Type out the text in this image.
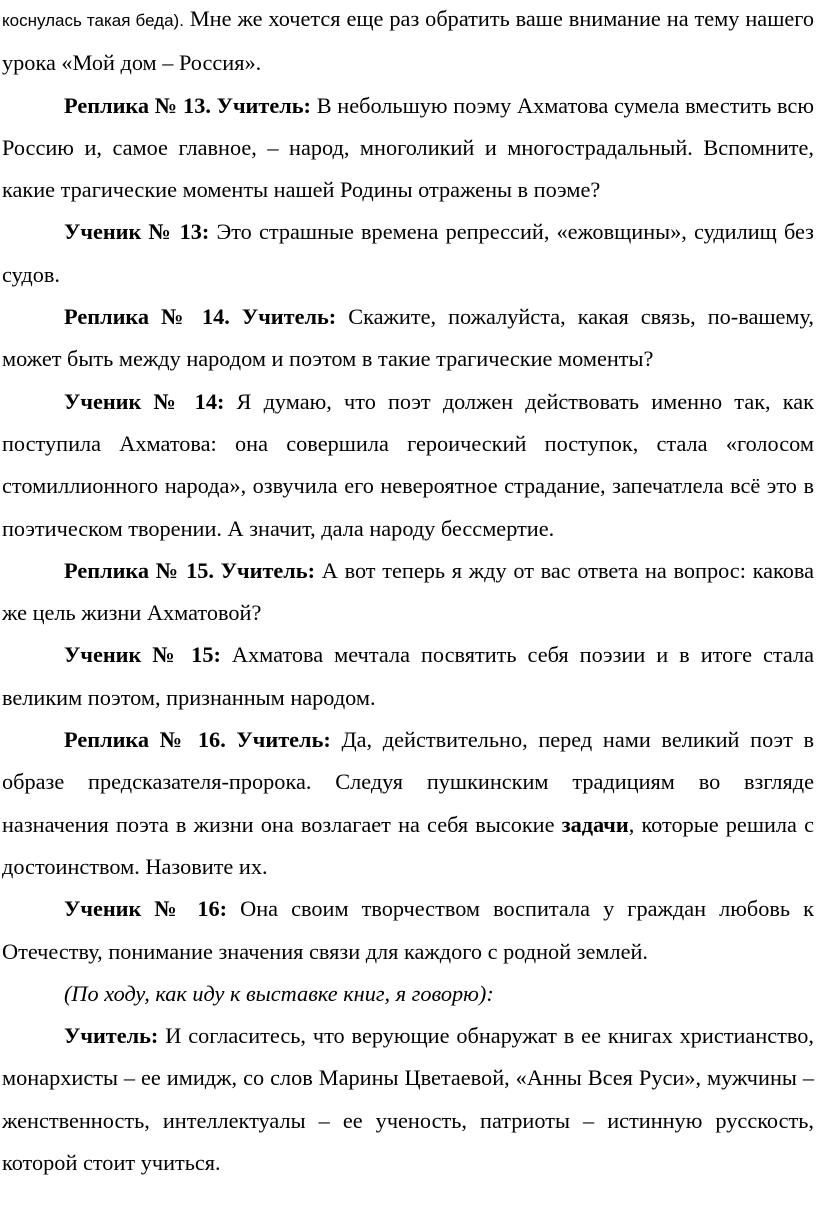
коснулась такая беда). Мне же хочется еще раз обратить ваше внимание на тему нашего урока «Мой дом – Россия».

Реплика № 13. Учитель: В небольшую поэму Ахматова сумела вместить всю Россию и, самое главное, – народ, многоликий и многострадальный. Вспомните, какие трагические моменты нашей Родины отражены в поэме?

Ученик № 13: Это страшные времена репрессий, «ежовщины», судилищ без судов.

Реплика № 14. Учитель: Скажите, пожалуйста, какая связь, по-вашему, может быть между народом и поэтом в такие трагические моменты?

Ученик № 14: Я думаю, что поэт должен действовать именно так, как поступила Ахматова: она совершила героический поступок, стала «голосом стомиллионного народа», озвучила его невероятное страдание, запечатлела всё это в поэтическом творении. А значит, дала народу бессмертие.

Реплика № 15. Учитель: А вот теперь я жду от вас ответа на вопрос: какова же цель жизни Ахматовой?

Ученик № 15: Ахматова мечтала посвятить себя поэзии и в итоге стала великим поэтом, признанным народом.

Реплика № 16. Учитель: Да, действительно, перед нами великий поэт в образе предсказателя-пророка. Следуя пушкинским традициям во взгляде назначения поэта в жизни она возлагает на себя высокие задачи, которые решила с достоинством. Назовите их.

Ученик № 16: Она своим творчеством воспитала у граждан любовь к Отечеству, понимание значения связи для каждого с родной землей.

(По ходу, как иду к выставке книг, я говорю):

Учитель: И согласитесь, что верующие обнаружат в ее книгах христианство, монархисты – ее имидж, со слов Марины Цветаевой, «Анны Всея Руси», мужчины – женственность, интеллектуалы – ее ученость, патриоты – истинную русскость, которой стоит учиться.
